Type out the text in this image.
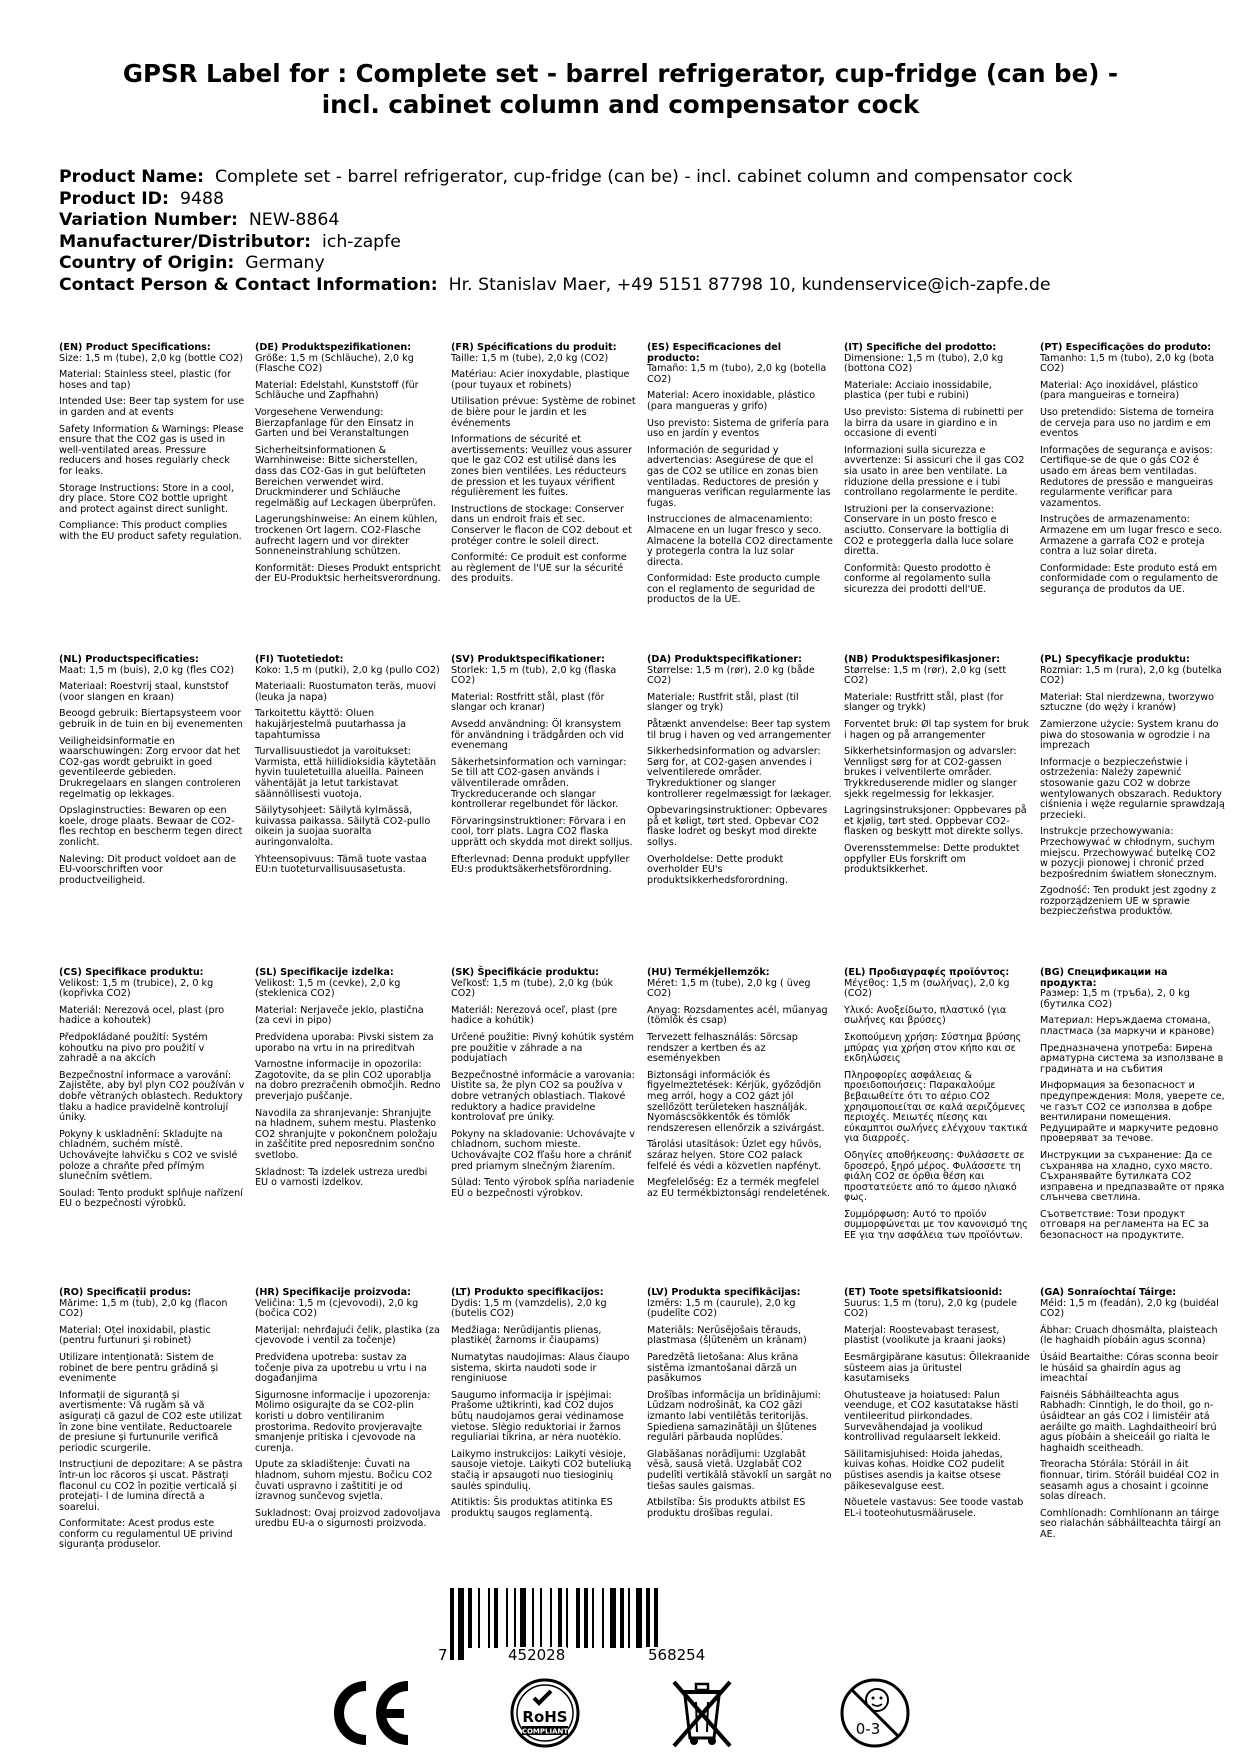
GPSR Label for : Complete set - barrel refrigerator, cup-fridge (can be) - incl. cabinet column and compensator cock
Product Name: Complete set - barrel refrigerator, cup-fridge (can be) - incl. cabinet column and compensator cock
Product ID: 9488
Variation Number: NEW-8864
Manufacturer/Distributor: ich-zapfe
Country of Origin: Germany
Contact Person & Contact Information: Hr. Stanislav Maer, +49 5151 87798 10, kundenservice@ich-zapfe.de
(EN) Product Specifications:

Size: 1,5 m (tube), 2,0 kg (bottle CO2)

Material: Stainless steel, plastic (for hoses and tap)

Intended Use: Beer tap system for use in garden and at events

Safety Information & Warnings: Please ensure that the CO2 gas is used in well-ventilated areas. Pressure reducers and hoses regularly check for leaks.

Storage Instructions: Store in a cool, dry place. Store CO2 bottle upright and protect against direct sunlight.

Compliance: This product complies with the EU product safety regulation.

(DE) Produktspezifikationen:

Größe: 1,5 m (Schläuche), 2,0 kg (Flasche CO2)

Material: Edelstahl, Kunststoff (für Schläuche und Zapfhahn)

Vorgesehene Verwendung: Bierzapfanlage für den Einsatz in Garten und bei Veranstaltungen

Sicherheitsinformationen & Warnhinweise: Bitte sicherstellen, dass das CO2-Gas in gut belüfteten Bereichen verwendet wird. Druckminderer und Schläuche regelmäßig auf Leckagen überprüfen.

Lagerungshinweise: An einem kühlen, trockenen Ort lagern. CO2-Flasche aufrecht lagern und vor direkter Sonneneinstrahlung schützen.

Konformität: Dieses Produkt entspricht der EU-Produktsic herheitsverordnung.

(FR) Spécifications du produit:

Taille: 1,5 m (tube), 2,0 kg (CO2)

Matériau: Acier inoxydable, plastique (pour tuyaux et robinets)

Utilisation prévue: Système de robinet de bière pour le jardin et les événements

Informations de sécurité et avertissements: Veuillez vous assurer que le gaz CO2 est utilisé dans les zones bien ventilées. Les réducteurs de pression et les tuyaux vérifient régulièrement les fuites.

Instructions de stockage: Conserver dans un endroit frais et sec. Conserver le flacon de CO2 debout et protéger contre le soleil direct.

Conformité: Ce produit est conforme au règlement de l'UE sur la sécurité des produits.

(ES) Especificaciones del producto:

Tamaño: 1,5 m (tubo), 2,0 kg (botella CO2)

Material: Acero inoxidable, plástico (para mangueras y grifo)

Uso previsto: Sistema de grifería para uso en jardín y eventos

Información de seguridad y advertencias: Asegúrese de que el gas de CO2 se utilice en zonas bien ventiladas. Reductores de presión y mangueras verifican regularmente las fugas.

Instrucciones de almacenamiento: Almacene en un lugar fresco y seco. Almacene la botella CO2 directamente y protegerla contra la luz solar directa.

Conformidad: Este producto cumple con el reglamento de seguridad de productos de la UE.

(IT) Specifiche del prodotto:

Dimensione: 1,5 m (tubo), 2,0 kg (bottona CO2)

Materiale: Acciaio inossidabile, plastica (per tubi e rubini)

Uso previsto: Sistema di rubinetti per la birra da usare in giardino e in occasione di eventi

Informazioni sulla sicurezza e avvertenze: Si assicuri che il gas CO2 sia usato in aree ben ventilate. La riduzione della pressione e i tubi controllano regolarmente le perdite.

Istruzioni per la conservazione: Conservare in un posto fresco e asciutto. Conservare la bottiglia di CO2 e proteggerla dalla luce solare diretta.

Conformità: Questo prodotto è conforme al regolamento sulla sicurezza dei prodotti dell'UE.

(PT) Especificações do produto:

Tamanho: 1,5 m (tubo), 2,0 kg (bota CO2)

Material: Aço inoxidável, plástico (para mangueiras e torneira)

Uso pretendido: Sistema de torneira de cerveja para uso no jardim e em eventos

Informações de segurança e avisos: Certifique-se de que o gás CO2 é usado em áreas bem ventiladas. Redutores de pressão e mangueiras regularmente verificar para vazamentos.

Instruções de armazenamento: Armazene em um lugar fresco e seco. Armazene a garrafa CO2 e proteja contra a luz solar direta.

Conformidade: Este produto está em conformidade com o regulamento de segurança de produtos da UE.

(NL) Productspecificaties:

Maat: 1,5 m (buis), 2,0 kg (fles CO2)

Materiaal: Roestvrij staal, kunststof (voor slangen en kraan)

Beoogd gebruik: Biertapsysteem voor gebruik in de tuin en bij evenementen

Veiligheidsinformatie en waarschuwingen: Zorg ervoor dat het CO2-gas wordt gebruikt in goed geventileerde gebieden. Drukregelaars en slangen controleren regelmatig op lekkages.

Opslaginstructies: Bewaren op een koele, droge plaats. Bewaar de CO2-fles rechtop en bescherm tegen direct zonlicht.

Naleving: Dit product voldoet aan de EU-voorschriften voor productveiligheid.

(FI) Tuotetiedot:

Koko: 1,5 m (putki), 2,0 kg (pullo CO2)

Materiaali: Ruostumaton teräs, muovi (leuka ja napa)

Tarkoitettu käyttö: Oluen hakujärjestelmä puutarhassa ja tapahtumissa

Turvallisuustiedot ja varoitukset: Varmista, että hiilidioksidia käytetään hyvin tuuletetuilla alueilla. Paineen vähentäjät ja letut tarkistavat säännöllisesti vuotoja.

Säilytysohjeet: Säilytä kylmässä, kuivassa paikassa. Säilytä CO2-pullo oikein ja suojaa suoralta auringonvalolta.

Yhteensopivuus: Tämä tuote vastaa EU:n tuoteturvallisuusasetusta.

(SV) Produktspecifikationer:

Storlek: 1,5 m (tub), 2,0 kg (flaska CO2)

Material: Rostfritt stål, plast (för slangar och kranar)

Avsedd användning: Öl kransystem för användning i trädgården och vid evenemang

Säkerhetsinformation och varningar: Se till att CO2-gasen används i välventilerade områden. Tryckreducerande och slangar kontrollerar regelbundet för läckor.

Förvaringsinstruktioner: Förvara i en cool, torr plats. Lagra CO2 flaska upprätt och skydda mot direkt solljus.

Efterlevnad: Denna produkt uppfyller EU:s produktsäkerhetsförordning.

(DA) Produktspecifikationer:

Størrelse: 1,5 m (rør), 2.0 kg (både CO2)

Materiale: Rustfrit stål, plast (til slanger og tryk)

Påtænkt anvendelse: Beer tap system til brug i haven og ved arrangementer

Sikkerhedsinformation og advarsler: Sørg for, at CO2-gasen anvendes i velventilerede områder. Trykreduktioner og slanger kontrollerer regelmæssigt for lækager.

Opbevaringsinstruktioner: Opbevares på et køligt, tørt sted. Opbevar CO2 flaske lodret og beskyt mod direkte sollys.

Overholdelse: Dette produkt overholder EU's produktsikkerhedsforordning.

(NB) Produktspesifikasjoner:

Størrelse: 1,5 m (rør), 2,0 kg (sett CO2)

Materiale: Rustfritt stål, plast (for slanger og trykk)

Forventet bruk: Øl tap system for bruk i hagen og på arrangementer

Sikkerhetsinformasjon og advarsler: Vennligst sørg for at CO2-gassen brukes i velventilerte områder. Trykkreduserende midler og slanger sjekk regelmessig for lekkasjer.

Lagringsinstruksjoner: Oppbevares på et kjølig, tørt sted. Oppbevar CO2-flasken og beskytt mot direkte sollys.

Overensstemmelse: Dette produktet oppfyller EUs forskrift om produktsikkerhet.

(PL) Specyfikacje produktu:

Rozmiar: 1,5 m (rura), 2,0 kg (butelka CO2)

Materiał: Stal nierdzewna, tworzywo sztuczne (do węży i kranów)

Zamierzone użycie: System kranu do piwa do stosowania w ogrodzie i na imprezach

Informacje o bezpieczeństwie i ostrzeżenia: Należy zapewnić stosowanie gazu CO2 w dobrze wentylowanych obszarach. Reduktory ciśnienia i węże regularnie sprawdzają przecieki.

Instrukcje przechowywania: Przechowywać w chłodnym, suchym miejscu. Przechowywać butelkę CO2 w pozycji pionowej i chronić przed bezpośrednim światłem słonecznym.

Zgodność: Ten produkt jest zgodny z rozporządzeniem UE w sprawie bezpieczeństwa produktów.

(CS) Specifikace produktu:

Velikost: 1,5 m (trubice), 2, 0 kg (kopřivka CO2)

Materiál: Nerezová ocel, plast (pro hadice a kohoutek)

Předpokládané použití: Systém kohoutku na pivo pro použití v zahradě a na akcích

Bezpečnostní informace a varování: Zajistěte, aby byl plyn CO2 používán v dobře větraných oblastech. Reduktory tlaku a hadice pravidelně kontrolují úniky.

Pokyny k uskladnění: Skladujte na chladném, suchém místě. Uchovávejte lahvičku s CO2 ve svislé poloze a chraňte před přímým slunečním světlem.

Soulad: Tento produkt splňuje nařízení EU o bezpečnosti výrobků.

(SL) Specifikacije izdelka:

Velikost: 1,5 m (cevke), 2,0 kg (steklenica CO2)

Material: Nerjaveče jeklo, plastična (za cevi in pipo)

Predvidena uporaba: Pivski sistem za uporabo na vrtu in na prireditvah

Varnostne informacije in opozorila: Zagotovite, da se plin CO2 uporablja na dobro prezračenih območjih. Redno preverjajo puščanje.

Navodila za shranjevanje: Shranjujte na hladnem, suhem mestu. Plastenko CO2 shranjujte v pokončnem položaju in zaščitite pred neposrednim sončno svetlobo.

Skladnost: Ta izdelek ustreza uredbi EU o varnosti izdelkov.

(SK) Špecifikácie produktu:

Veľkosť: 1,5 m (tube), 2,0 kg (búk CO2)

Materiál: Nerezová oceľ, plast (pre hadice a kohútik)

Určené použitie: Pivný kohútik systém pre použitie v záhrade a na podujatiach

Bezpečnostné informácie a varovania: Uistite sa, že plyn CO2 sa používa v dobre vetraných oblastiach. Tlakové reduktory a hadice pravidelne kontrolovať pre úniky.

Pokyny na skladovanie: Uchovávajte v chladnom, suchom mieste. Uchovávajte CO2 fľašu hore a chrániť pred priamym slnečným žiarením.

Súlad: Tento výrobok spĺňa nariadenie EÚ o bezpečnosti výrobkov.

(HU) Termékjellemzők:

Méret: 1,5 m (tube), 2,0 kg ( üveg CO2)

Anyag: Rozsdamentes acél, műanyag (tömlők és csap)

Tervezett felhasználás: Sörcsap rendszer a kertben és az eseményekben

Biztonsági információk és figyelmeztetések: Kérjük, győződjön meg arról, hogy a CO2 gázt jól szellőzött területeken használják. Nyomáscsökkentők és tömlők rendszeresen ellenőrzik a szivárgást.

Tárolási utasítások: Üzlet egy hűvös, száraz helyen. Store CO2 palack felfelé és védi a közvetlen napfényt.

Megfelelőség: Ez a termék megfelel az EU termékbiztonsági rendeletének.

(EL) Προδιαγραφές προϊόντος:

Μέγεθος: 1,5 m (σωλήνας), 2,0 kg (CO2)

Υλικό: Ανοξείδωτο, πλαστικό (για σωλήνες και βρύσες)

Σκοπούμενη χρήση: Σύστημα βρύσης μπύρας για χρήση στον κήπο και σε εκδηλώσεις

Πληροφορίες ασφάλειας & προειδοποιήσεις: Παρακαλούμε βεβαιωθείτε ότι το αέριο CO2 χρησιμοποιείται σε καλά αεριζόμενες περιοχές. Μειωτές πίεσης και εύκαμπτοι σωλήνες ελέγχουν τακτικά για διαρροές.

Οδηγίες αποθήκευσης: Φυλάσσετε σε δροσερό, ξηρό μέρος. Φυλάσσετε τη φιάλη CO2 σε όρθια θέση και προστατεύετε από το άμεσο ηλιακό φως.

Συμμόρφωση: Αυτό το προϊόν συμμορφώνεται με τον κανονισμό της ΕΕ για την ασφάλεια των προϊόντων.

(BG) Спецификации на продукта:

Размер: 1,5 m (тръба), 2, 0 kg (бутилка CO2)

Материал: Неръждаема стомана, пластмаса (за маркучи и кранове)

Предназначена употреба: Бирена арматурна система за използване в градината и на събития

Информация за безопасност и предупреждения: Моля, уверете се, че газът CO2 се използва в добре вентилирани помещения. Редуцирайте и маркучите редовно проверяват за течове.

Инструкции за съхранение: Да се съхранява на хладно, сухо място. Съхранявайте бутилката CO2 изправена и предпазвайте от пряка слънчева светлина.

Съответствие: Този продукт отговаря на регламента на ЕС за безопасност на продуктите.

(RO) Specificații produs:

Mărime: 1,5 m (tub), 2,0 kg (flacon CO2)

Material: Oțel inoxidabil, plastic (pentru furtunuri și robinet)

Utilizare intenționată: Sistem de robinet de bere pentru grădină și evenimente

Informații de siguranță și avertismente: Vă rugăm să vă asigurați că gazul de CO2 este utilizat în zone bine ventilate. Reductoarele de presiune și furtunurile verifică periodic scurgerile.

Instrucțiuni de depozitare: A se păstra într-un loc răcoros și uscat. Păstrați flaconul cu CO2 în poziție verticală și protejați- l de lumina directă a soarelui.

Conformitate: Acest produs este conform cu regulamentul UE privind siguranța produselor.

(HR) Specifikacije proizvoda:

Veličina: 1,5 m (cjevovodi), 2,0 kg (bočica CO2)

Materijal: nehrđajući čelik, plastika (za cjevovode i ventil za točenje)

Predviđena upotreba: sustav za točenje piva za upotrebu u vrtu i na događanjima

Sigurnosne informacije i upozorenja: Molimo osigurajte da se CO2-plin koristi u dobro ventiliranim prostorima. Redovito provjeravajte smanjenje pritiska i cjevovode na curenja.

Upute za skladištenje: Čuvati na hladnom, suhom mjestu. Bočicu CO2 čuvati uspravno i zaštititi je od izravnog sunčevog svjetla.

Sukladnost: Ovaj proizvod zadovoljava uredbu EU-a o sigurnosti proizvoda.

(LT) Produkto specifikacijos:

Dydis: 1,5 m (vamzdelis), 2,0 kg (butelis CO2)

Medžiaga: Nerūdijantis plienas, plastikė( žarnoms ir čiaupams)

Numatytas naudojimas: Alaus čiaupo sistema, skirta naudoti sode ir renginiuose

Saugumo informacija ir įspėjimai: Prašome užtikrinti, kad CO2 dujos būtų naudojamos gerai vėdinamose vietose. Slėgio reduktoriai ir žarnos reguliariai tikrina, ar nėra nuotėkio.

Laikymo instrukcijos: Laikyti vėsioje, sausoje vietoje. Laikyti CO2 buteliuką stačią ir apsaugoti nuo tiesioginių saulės spindulių.

Atitiktis: Šis produktas atitinka ES produktų saugos reglamentą.

(LV) Produkta specifikācijas:

Izmērs: 1,5 m (caurule), 2,0 kg (pudelīte CO2)

Materiāls: Nerūsējošais tērauds, plastmasa (šļūtenēm un krānam)

Paredzētā lietošana: Alus krāna sistēma izmantošanai dārzā un pasākumos

Drošības informācija un brīdinājumi: Lūdzam nodrošināt, ka CO2 gāzi izmanto labi ventilētās teritorijās. Spiediena samazinātāji un šļūtenes regulāri pārbauda noplūdes.

Glabāšanas norādījumi: Uzglabāt vēsā, sausā vietā. Uzglabāt CO2 pudelīti vertikālā stāvoklī un sargāt no tiešas saules gaismas.

Atbilstība: Šis produkts atbilst ES produktu drošības regulai.

(ET) Toote spetsifikatsioonid:

Suurus: 1,5 m (toru), 2,0 kg (pudele CO2)

Materjal: Roostevabast terasest, plastist (voolikute ja kraani jaoks)

Eesmärgipärane kasutus: Õllekraanide süsteem aias ja üritustel kasutamiseks

Ohutusteave ja hoiatused: Palun veenduge, et CO2 kasutatakse hästi ventileeritud piirkondades. Survevähendajad ja voolikud kontrollivad regulaarselt lekkeid.

Säilitamisjuhised: Hoida jahedas, kuivas kohas. Hoidke CO2 pudelit püstises asendis ja kaitse otsese päikesevalguse eest.

Nõuetele vastavus: See toode vastab EL-i tooteohutusmäärusele.

(GA) Sonraíochtaí Táirge:

Méid: 1,5 m (feadán), 2,0 kg (buidéal CO2)

Ábhar: Cruach dhosmálta, plaisteach (le haghaidh píobáin agus sconna)

Úsáid Beartaithe: Córas sconna beoir le húsáid sa ghairdín agus ag imeachtaí

Faisnéis Sábháilteachta agus Rabhadh: Cinntigh, le do thoil, go n-úsáidtear an gás CO2 i limistéir atá aeráilte go maith. Laghdaitheoirí brú agus píobáin a sheiceáil go rialta le haghaidh sceitheadh.

Treoracha Stórála: Stóráil in áit fionnuar, tirim. Stóráil buidéal CO2 in seasamh agus a chosaint i gcoinne solas díreach.

Comhlíonadh: Comhlíonann an táirge seo rialachán sábháilteachta táirgí an AE.

7	452028	568254
RoHS
COMPLIANT	0-3
